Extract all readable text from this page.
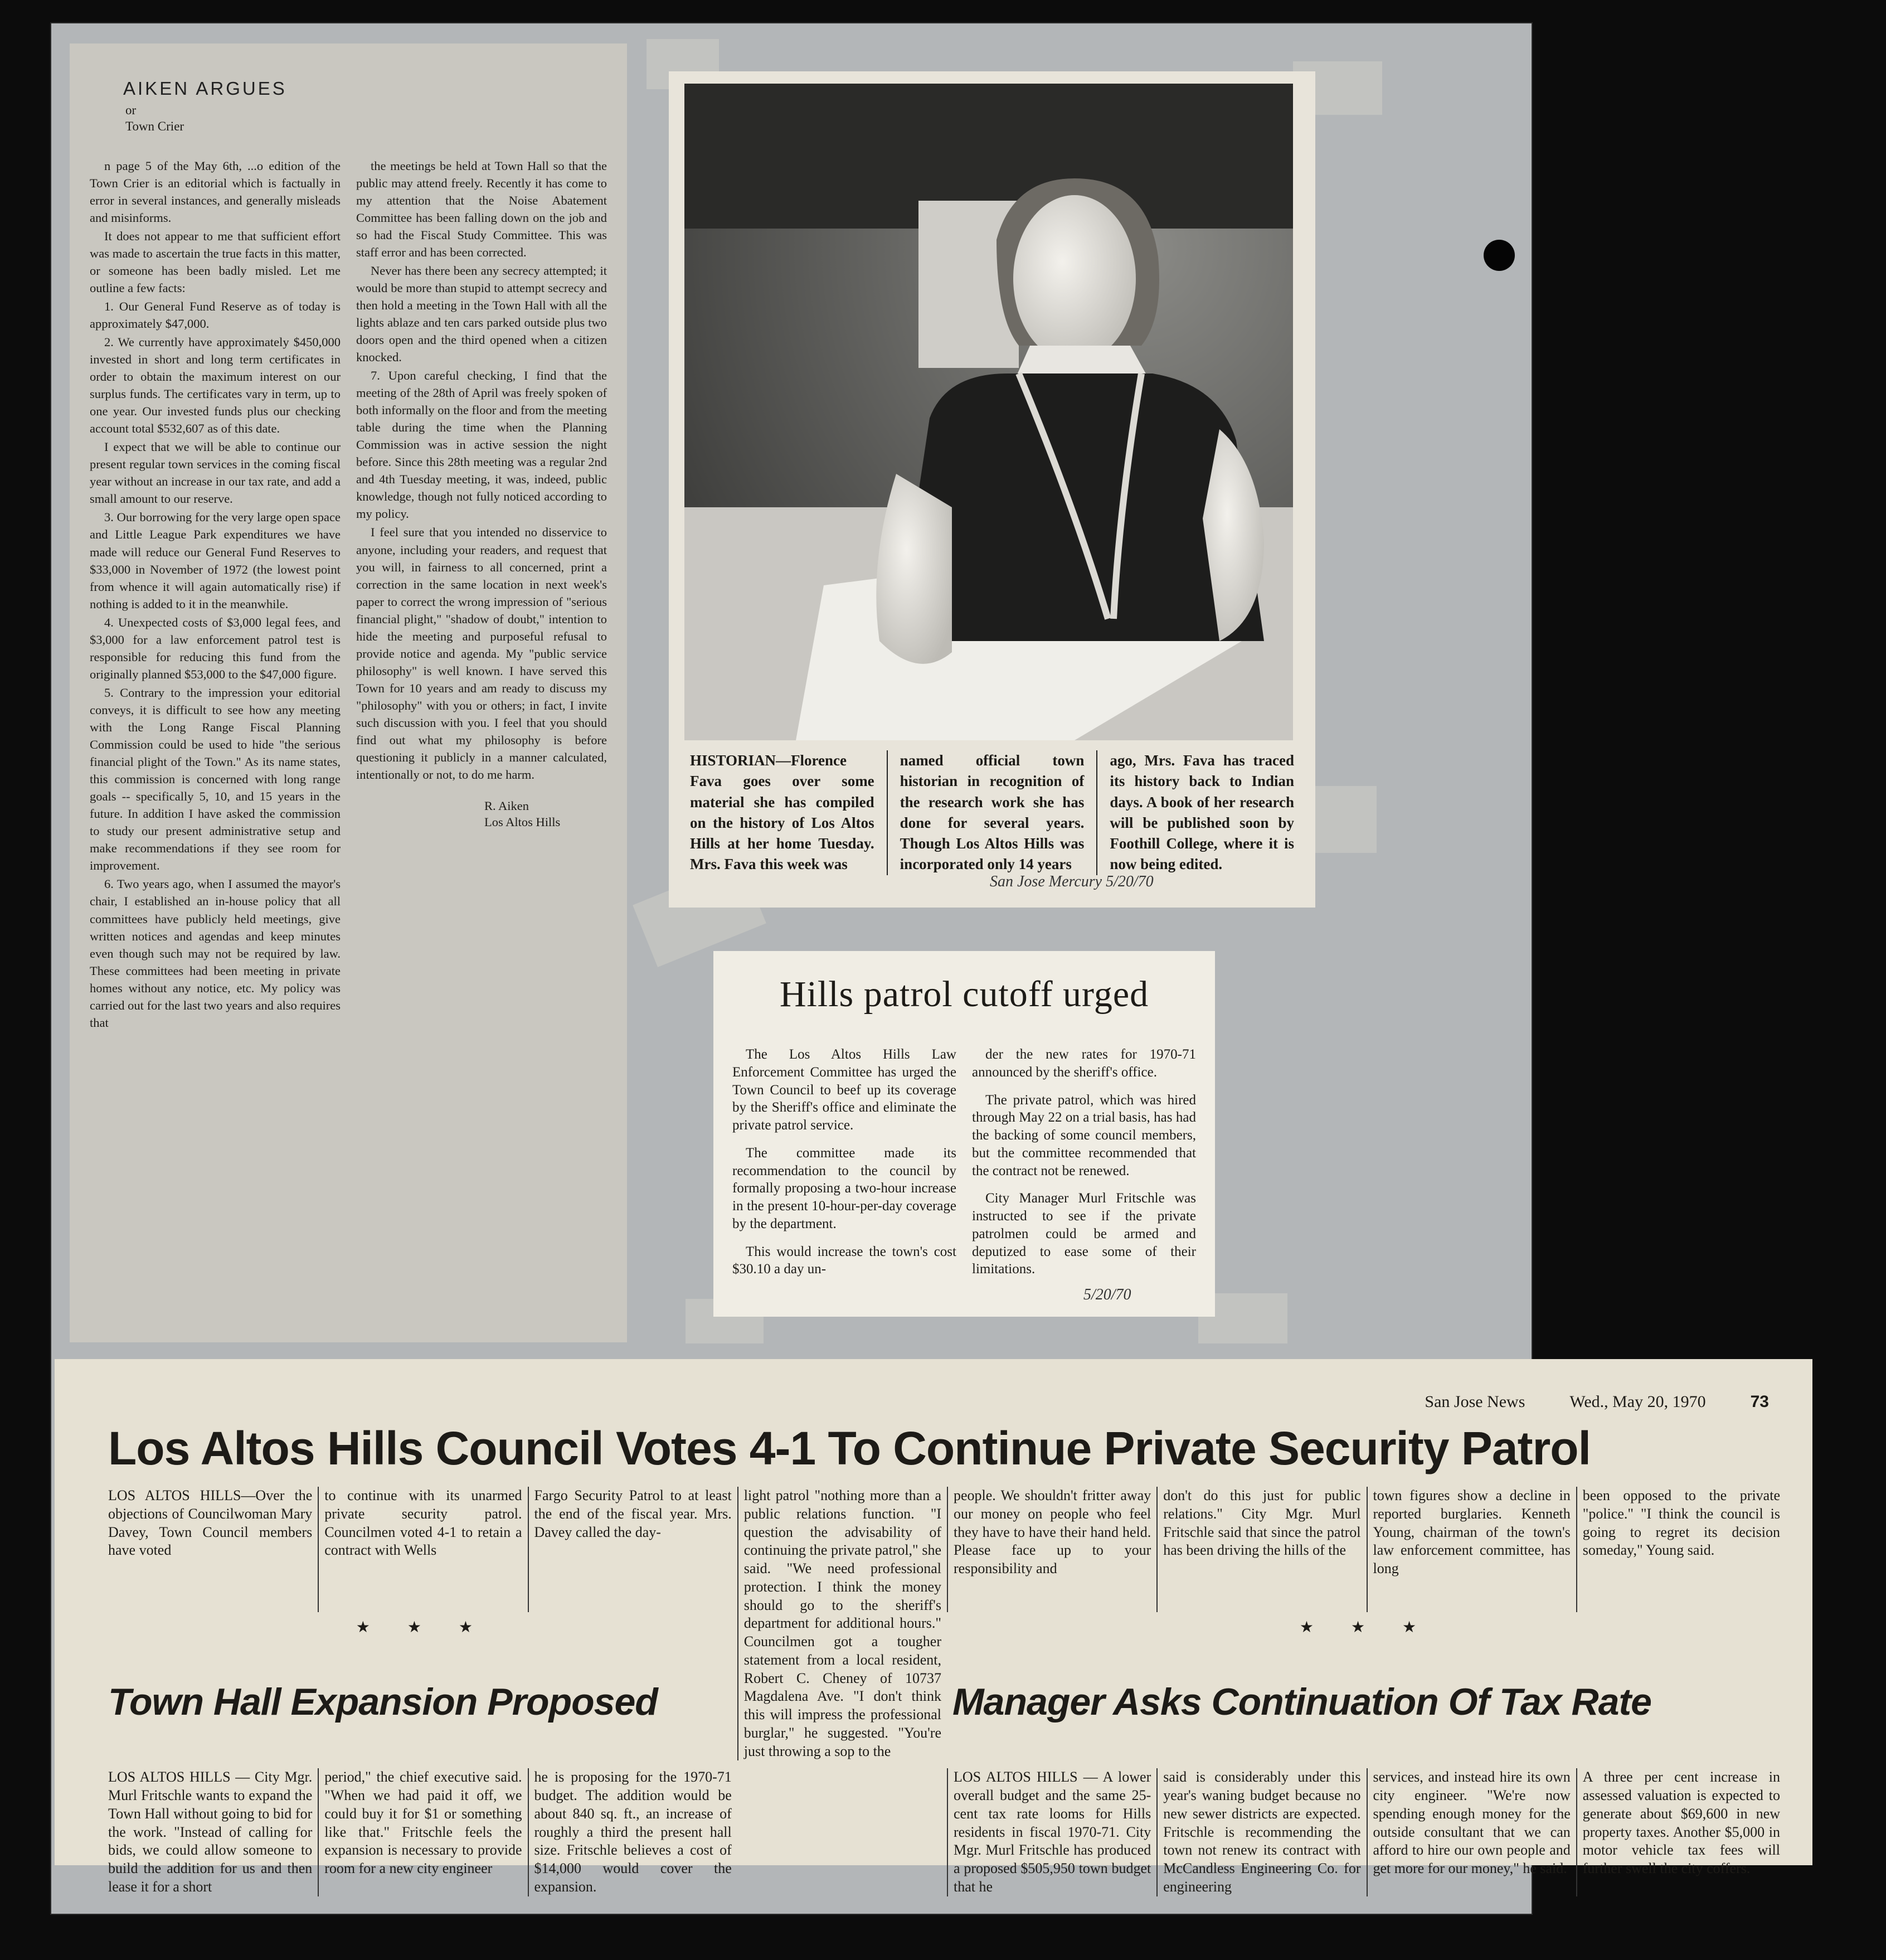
AIKEN ARGUES
or
Town Crier

n page 5 of the May 6th, ...o edition of the Town Crier is an editorial which is factually in error in several instances, and generally misleads and misinforms.

It does not appear to me that sufficient effort was made to ascertain the true facts in this matter, or someone has been badly misled. Let me outline a few facts:

1. Our General Fund Reserve as of today is approximately $47,000.

2. We currently have approximately $450,000 invested in short and long term certificates in order to obtain the maximum interest on our surplus funds. The certificates vary in term, up to one year. Our invested funds plus our checking account total $532,607 as of this date.

I expect that we will be able to continue our present regular town services in the coming fiscal year without an increase in our tax rate, and add a small amount to our reserve.

3. Our borrowing for the very large open space and Little League Park expenditures we have made will reduce our General Fund Reserves to $33,000 in November of 1972 (the lowest point from whence it will again automatically rise) if nothing is added to it in the meanwhile.

4. Unexpected costs of $3,000 legal fees, and $3,000 for a law enforcement patrol test is responsible for reducing this fund from the originally planned $53,000 to the $47,000 figure.

5. Contrary to the impression your editorial conveys, it is difficult to see how any meeting with the Long Range Fiscal Planning Commission could be used to hide "the serious financial plight of the Town." As its name states, this commission is concerned with long range goals -- specifically 5, 10, and 15 years in the future. In addition I have asked the commission to study our present administrative setup and make recommendations if they see room for improvement.

6. Two years ago, when I assumed the mayor's chair, I established an in-house policy that all committees have publicly held meetings, give written notices and agendas and keep minutes even though such may not be required by law. These committees had been meeting in private homes without any notice, etc. My policy was carried out for the last two years and also requires that

the meetings be held at Town Hall so that the public may attend freely. Recently it has come to my attention that the Noise Abatement Committee has been falling down on the job and so had the Fiscal Study Committee. This was staff error and has been corrected.

Never has there been any secrecy attempted; it would be more than stupid to attempt secrecy and then hold a meeting in the Town Hall with all the lights ablaze and ten cars parked outside plus two doors open and the third opened when a citizen knocked.

7. Upon careful checking, I find that the meeting of the 28th of April was freely spoken of both informally on the floor and from the meeting table during the time when the Planning Commission was in active session the night before. Since this 28th meeting was a regular 2nd and 4th Tuesday meeting, it was, indeed, public knowledge, though not fully noticed according to my policy.

I feel sure that you intended no disservice to anyone, including your readers, and request that you will, in fairness to all concerned, print a correction in the same location in next week's paper to correct the wrong impression of "serious financial plight," "shadow of doubt," intention to hide the meeting and purposeful refusal to provide notice and agenda. My "public service philosophy" is well known. I have served this Town for 10 years and am ready to discuss my "philosophy" with you or others; in fact, I invite such discussion with you. I feel that you should find out what my philosophy is before questioning it publicly in a manner calculated, intentionally or not, to do me harm.

R. Aiken
Los Altos Hills
HISTORIAN—Florence Fava goes over some material she has compiled on the history of Los Altos Hills at her home Tuesday. Mrs. Fava this week was
named official town historian in recognition of the research work she has done for several years. Though Los Altos Hills was incorporated only 14 years
ago, Mrs. Fava has traced its history back to Indian days. A book of her research will be published soon by Foothill College, where it is now being edited.
San Jose Mercury 5/20/70
Hills patrol cutoff urged

The Los Altos Hills Law Enforcement Committee has urged the Town Council to beef up its coverage by the Sheriff's office and eliminate the private patrol service.

The committee made its recommendation to the council by formally proposing a two-hour increase in the present 10-hour-per-day coverage by the department.

This would increase the town's cost $30.10 a day un-

der the new rates for 1970-71 announced by the sheriff's office.

The private patrol, which was hired through May 22 on a trial basis, has had the backing of some council members, but the committee recommended that the contract not be renewed.

City Manager Murl Fritschle was instructed to see if the private patrolmen could be armed and deputized to ease some of their limitations.

5/20/70
San Jose News	Wed., May 20, 1970	73
Los Altos Hills Council Votes 4-1 To Continue Private Security Patrol
LOS ALTOS HILLS—Over the objections of Councilwoman Mary Davey, Town Council members have voted
to continue with its unarmed private security patrol. Councilmen voted 4-1 to retain a contract with Wells
Fargo Security Patrol to at least the end of the fiscal year. Mrs. Davey called the day-
light patrol "nothing more than a public relations function. "I question the advisability of continuing the private patrol," she said. "We need professional protection. I think the money should go to the sheriff's department for additional hours." Councilmen got a tougher statement from a local resident, Robert C. Cheney of 10737 Magdalena Ave. "I don't think this will impress the professional burglar," he suggested. "You're just throwing a sop to the
people. We shouldn't fritter away our money on people who feel they have to have their hand held. Please face up to your responsibility and
don't do this just for public relations." City Mgr. Murl Fritschle said that since the patrol has been driving the hills of the
town figures show a decline in reported burglaries. Kenneth Young, chairman of the town's law enforcement committee, has long
been opposed to the private "police." "I think the council is going to regret its decision someday," Young said.
★ ★ ★	★ ★ ★
Town Hall Expansion Proposed	Manager Asks Continuation Of Tax Rate
LOS ALTOS HILLS — City Mgr. Murl Fritschle wants to expand the Town Hall without going to bid for the work. "Instead of calling for bids, we could allow someone to build the addition for us and then lease it for a short
period," the chief executive said. "When we had paid it off, we could buy it for $1 or something like that." Fritschle feels the expansion is necessary to provide room for a new city engineer
he is proposing for the 1970-71 budget. The addition would be about 840 sq. ft., an increase of roughly a third the present hall size. Fritschle believes a cost of $14,000 would cover the expansion.
LOS ALTOS HILLS — A lower overall budget and the same 25-cent tax rate looms for Hills residents in fiscal 1970-71. City Mgr. Murl Fritschle has produced a proposed $505,950 town budget that he
said is considerably under this year's waning budget because no new sewer districts are expected. Fritschle is recommending the town not renew its contract with McCandless Engineering Co. for engineering
services, and instead hire its own city engineer. "We're now spending enough money for the outside consultant that we can afford to hire our own people and get more for our money," he said.
A three per cent increase in assessed valuation is expected to generate about $69,600 in new property taxes. Another $5,000 in motor vehicle tax fees will further swell the city coffers.
